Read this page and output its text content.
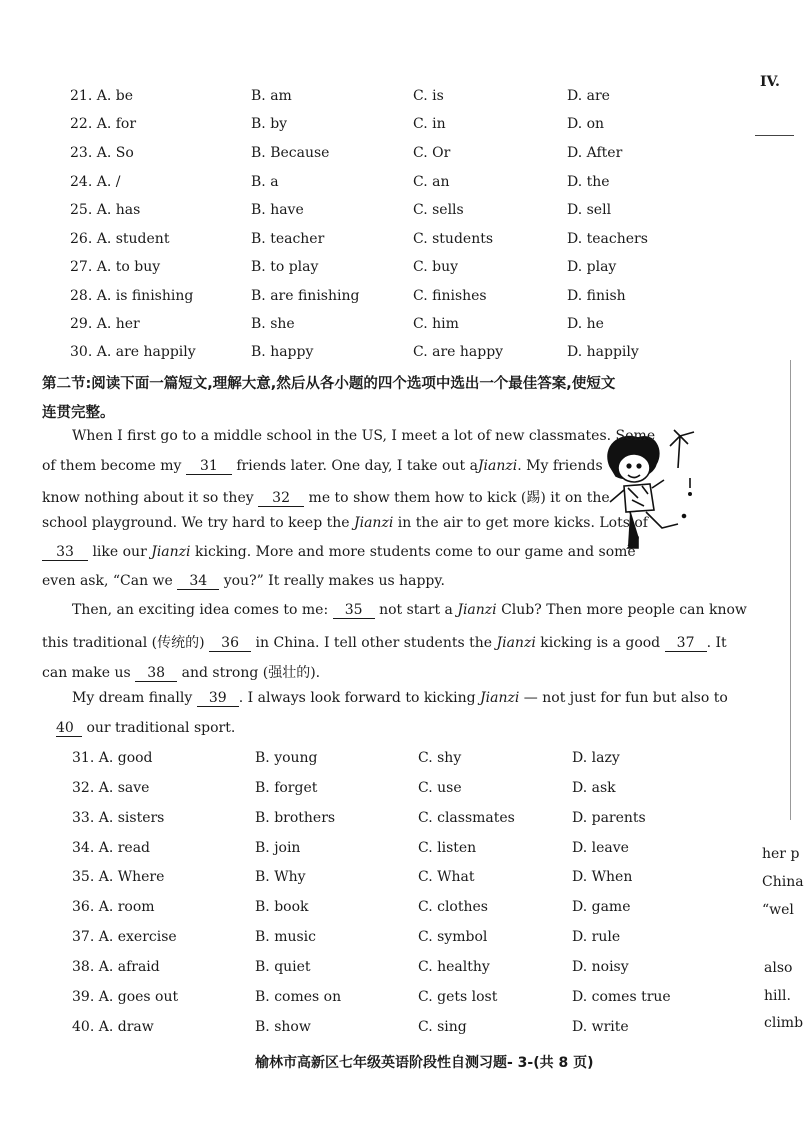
21. A. be	B. am	C. is	D. are
22. A. for	B. by	C. in	D. on
23. A. So	B. Because	C. Or	D. After
24. A. /	B. a	C. an	D. the
25. A. has	B. have	C. sells	D. sell
26. A. student	B. teacher	C. students	D. teachers
27. A. to buy	B. to play	C. buy	D. play
28. A. is finishing	B. are finishing	C. finishes	D. finish
29. A. her	B. she	C. him	D. he
30. A. are happily	B. happy	C. are happy	D. happily
第二节:阅读下面一篇短文,理解大意,然后从各小题的四个选项中选出一个最佳答案,使短文
连贯完整。
When I first go to a middle school in the US, I meet a lot of new classmates. Some
of them become my 31 friends later. One day, I take out aJianzi. My friends
know nothing about it so they 32 me to show them how to kick (踢) it on the
school playground. We try hard to keep the Jianzi in the air to get more kicks. Lots of
33 like our Jianzi kicking. More and more students come to our game and some
even ask, “Can we 34 you?” It really makes us happy.
Then, an exciting idea comes to me: 35 not start a Jianzi Club? Then more people can know
this traditional (传统的) 36 in China. I tell other students the Jianzi kicking is a good 37 . It
can make us 38 and strong (强壮的).
My dream finally 39 . I always look forward to kicking Jianzi — not just for fun but also to
40 our traditional sport.
31. A. good	B. young	C. shy	D. lazy
32. A. save	B. forget	C. use	D. ask
33. A. sisters	B. brothers	C. classmates	D. parents
34. A. read	B. join	C. listen	D. leave
35. A. Where	B. Why	C. What	D. When
36. A. room	B. book	C. clothes	D. game
37. A. exercise	B. music	C. symbol	D. rule
38. A. afraid	B. quiet	C. healthy	D. noisy
39. A. goes out	B. comes on	C. gets lost	D. comes true
40. A. draw	B. show	C. sing	D. write
IV.
her p
China
“wel
also
hill.
climb
榆林市高新区七年级英语阶段性自测习题- 3-(共 8 页)
